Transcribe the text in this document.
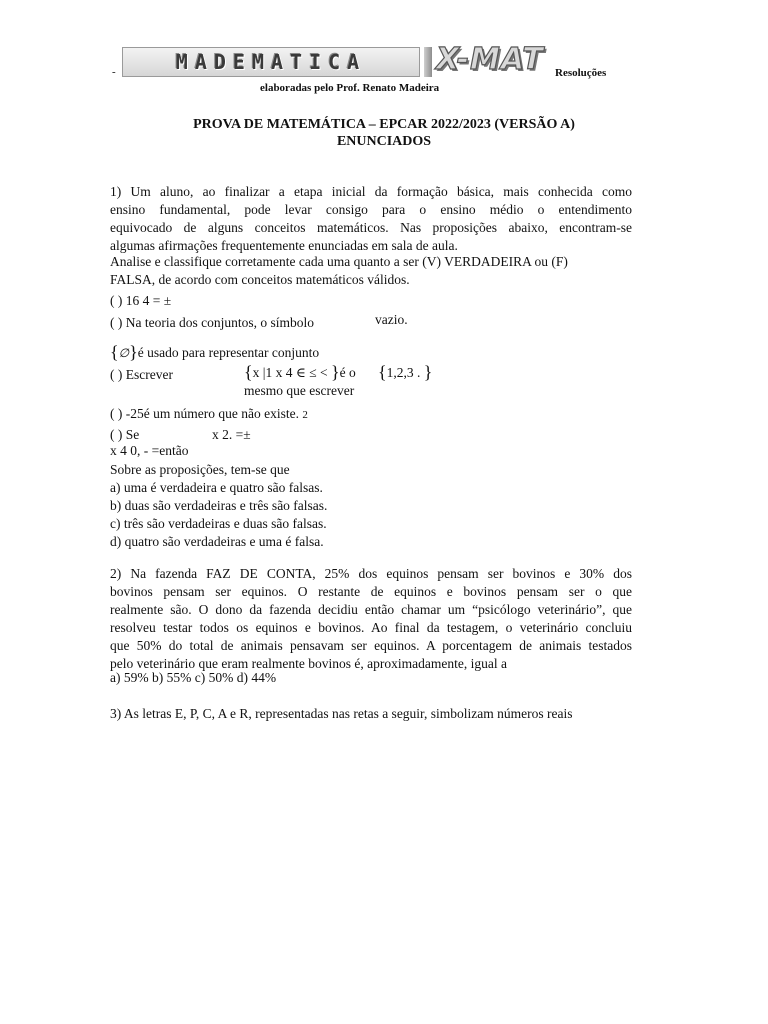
-	MADEMATICA X-MAT	Resoluções
elaboradas pelo Prof. Renato Madeira
PROVA DE MATEMÁTICA – EPCAR 2022/2023 (VERSÃO A)
ENUNCIADOS
1) Um aluno, ao finalizar a etapa inicial da formação básica, mais conhecida como
ensino fundamental, pode levar consigo para o ensino médio o entendimento
equivocado de alguns conceitos matemáticos. Nas proposições abaixo, encontram-se
algumas afirmações frequentemente enunciadas em sala de aula.
Analise e classifique corretamente cada uma quanto a ser (V) VERDADEIRA ou (F)
FALSA, de acordo com conceitos matemáticos válidos.
( ) 16 4 = ±
( ) Na teoria dos conjuntos, o símbolo	vazio.
{∅}é usado para representar conjunto
( ) Escrever	{x |1 x 4 ∈ ≤ < }é o {1,2,3 . }
mesmo que escrever
( ) -25é um número que não existe. 2
( ) Se	x 2. =±
x 4 0, - =então
Sobre as proposições, tem-se que
a) uma é verdadeira e quatro são falsas.
b) duas são verdadeiras e três são falsas.
c) três são verdadeiras e duas são falsas.
d) quatro são verdadeiras e uma é falsa.
2) Na fazenda FAZ DE CONTA, 25% dos equinos pensam ser bovinos e 30% dos
bovinos pensam ser equinos. O restante de equinos e bovinos pensam ser o que
realmente são. O dono da fazenda decidiu então chamar um “psicólogo veterinário”, que
resolveu testar todos os equinos e bovinos. Ao final da testagem, o veterinário concluiu
que 50% do total de animais pensavam ser equinos. A porcentagem de animais testados
pelo veterinário que eram realmente bovinos é, aproximadamente, igual a
a) 59% b) 55% c) 50% d) 44%
3) As letras E, P, C, A e R, representadas nas retas a seguir, simbolizam números reais
